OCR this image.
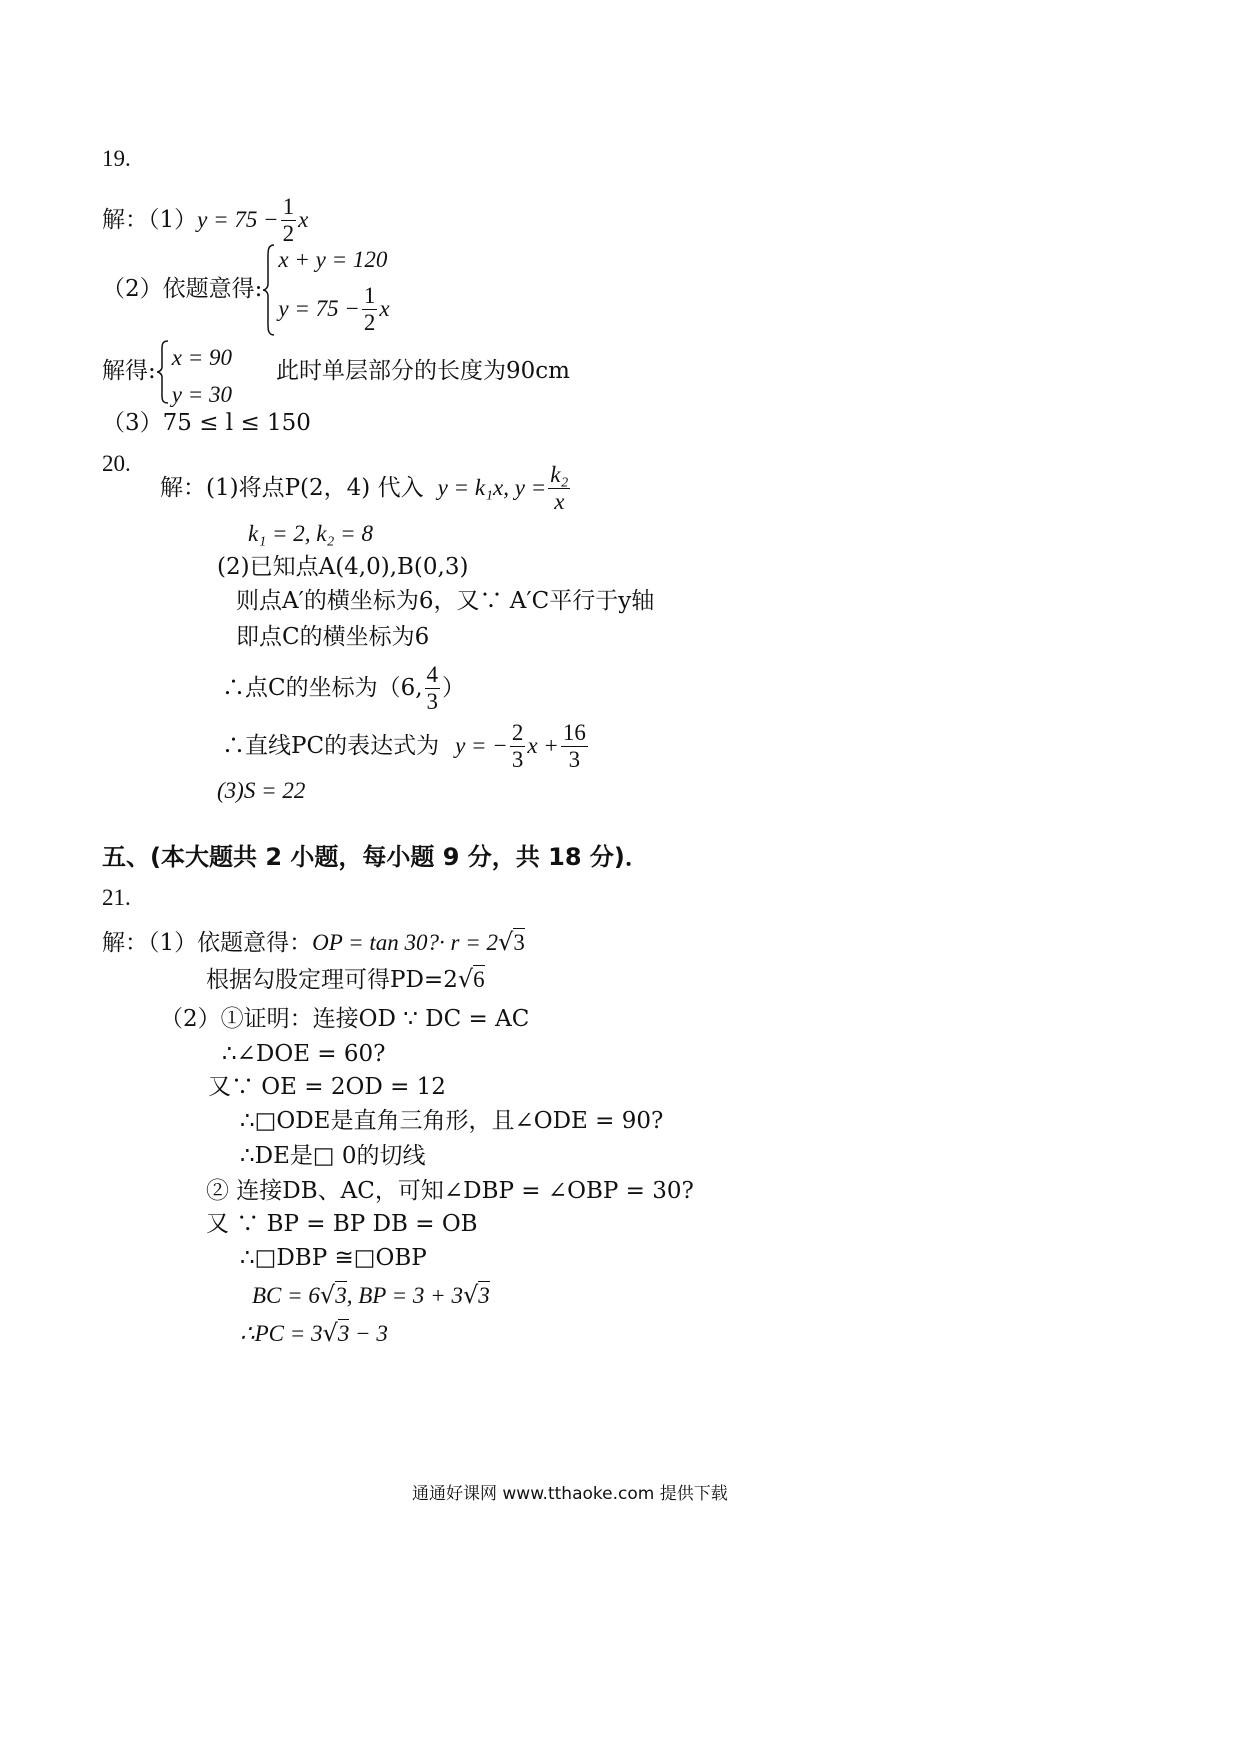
19.
解：$(1)y = 75 - \frac{1}{2}$ x
（2）依题意得:
x + y = 120
$y = 75 - \frac{1}{2}$ x
解得:
x = 90
y = 30
此时单层部分的长度为90cm
（3）75 ≤ l ≤ 150
20.
解：(1)将点P(2，4) 代入 y = k₁x, $y = \frac{\text{k₂}}{x}$
k₁ = 2, k₂ = 8
(2)已知点A(4,0),B(0,3)
则点A′的横坐标为6，又∵ A′C平行于y轴
即点C的横坐标为6
∴点C的坐标为（6, $\frac{4}{3}$ ）
∴直线PC的表达式为 y = − $\frac{2}{3}$ $x + \frac{16}{3}$
(3)S = 22
五、(本大题共 2 小题，每小题 9 分，共 18 分)．
21.
解：（1）依题意得：OP = tan 30?· r = 2√3
根据勾股定理可得PD=2√6
（2）①证明：连接OD ∵ DC = AC
∴∠DOE = 60?
又∵ OE = 2OD = 12
∴□ODE是直角三角形，且∠ODE = 90?
∴DE是□ 0的切线
② 连接DB、AC，可知∠DBP = ∠OBP = 30?
又 ∵ BP = BP DB = OB
∴□DBP ≅□OBP
BC = 6√3, BP = 3 + 3√3
∴PC = 3√3 − 3
通通好课网 www.tthaoke.com 提供下载
